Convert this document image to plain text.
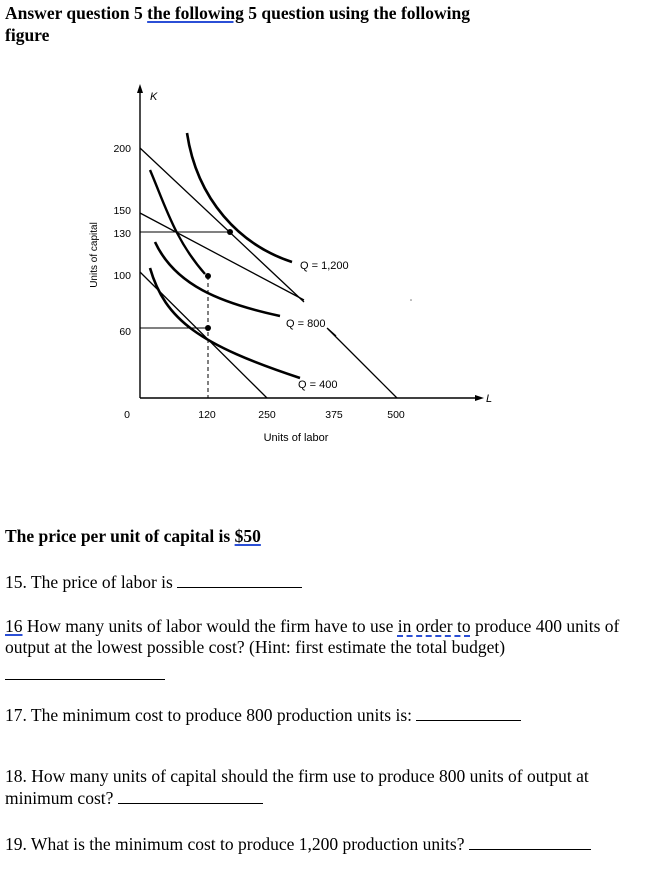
Answer question 5 the following 5 question using the following
figure
K
L
200
150
130
100
60
0	120	250	375	500
Units of labor
Units of capital	Q = 1,200
Q = 800
Q = 400
The price per unit of capital is $50
15. The price of labor is
16 How many units of labor would the firm have to use in order to produce 400 units of output at the lowest possible cost? (Hint: first estimate the total budget)
17. The minimum cost to produce 800 production units is:
18. How many units of capital should the firm use to produce 800 units of output at minimum cost?
19. What is the minimum cost to produce 1,200 production units?
